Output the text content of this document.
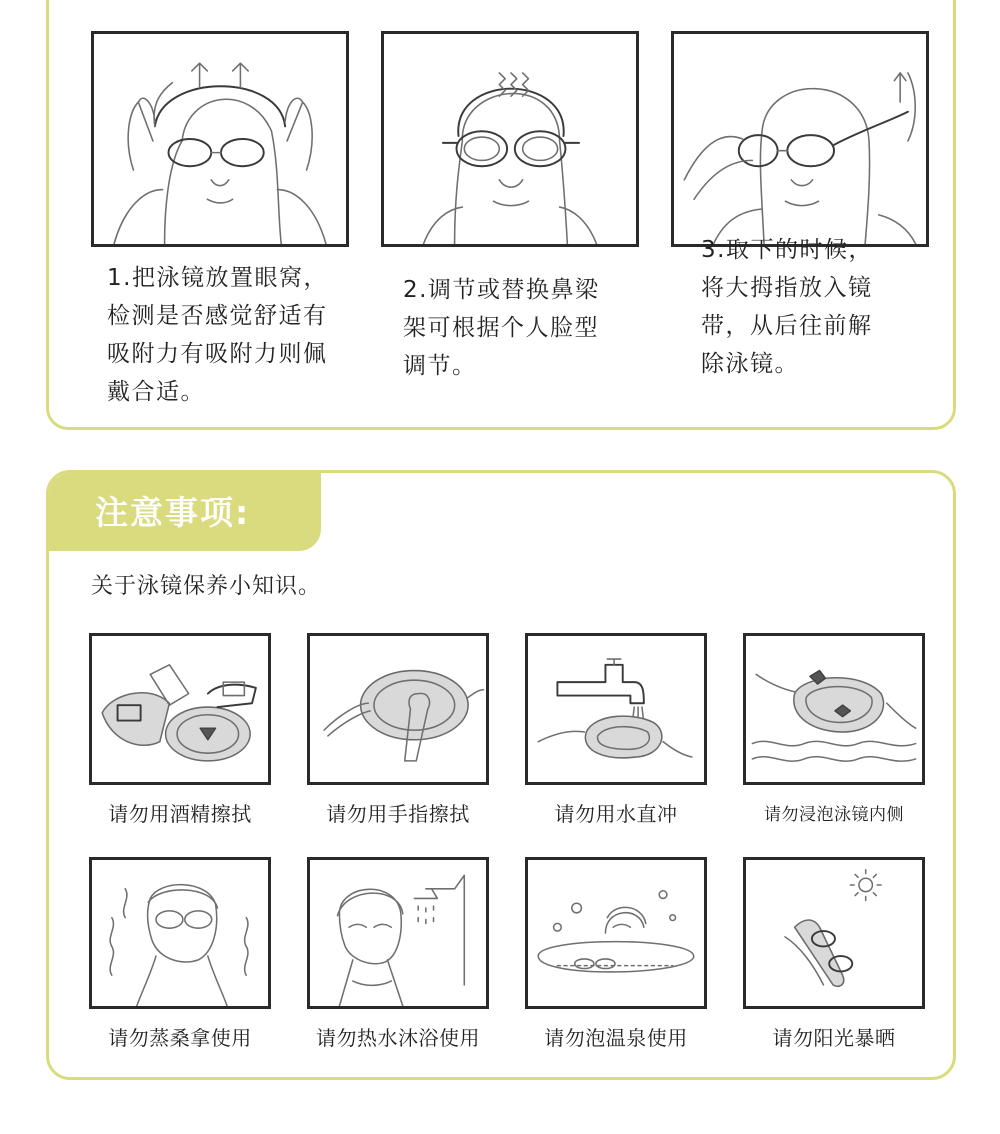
1.把泳镜放置眼窝，
检测是否感觉舒适有
吸附力有吸附力则佩
戴合适。

2.调节或替换鼻梁
架可根据个人脸型
调节。

3.取下的时候，
将大拇指放入镜
带，从后往前解
除泳镜。

注意事项:

关于泳镜保养小知识。

请勿用酒精擦拭	请勿用手指擦拭	请勿用水直冲	请勿浸泡泳镜内侧

请勿蒸桑拿使用	请勿热水沐浴使用	请勿泡温泉使用	请勿阳光暴晒
